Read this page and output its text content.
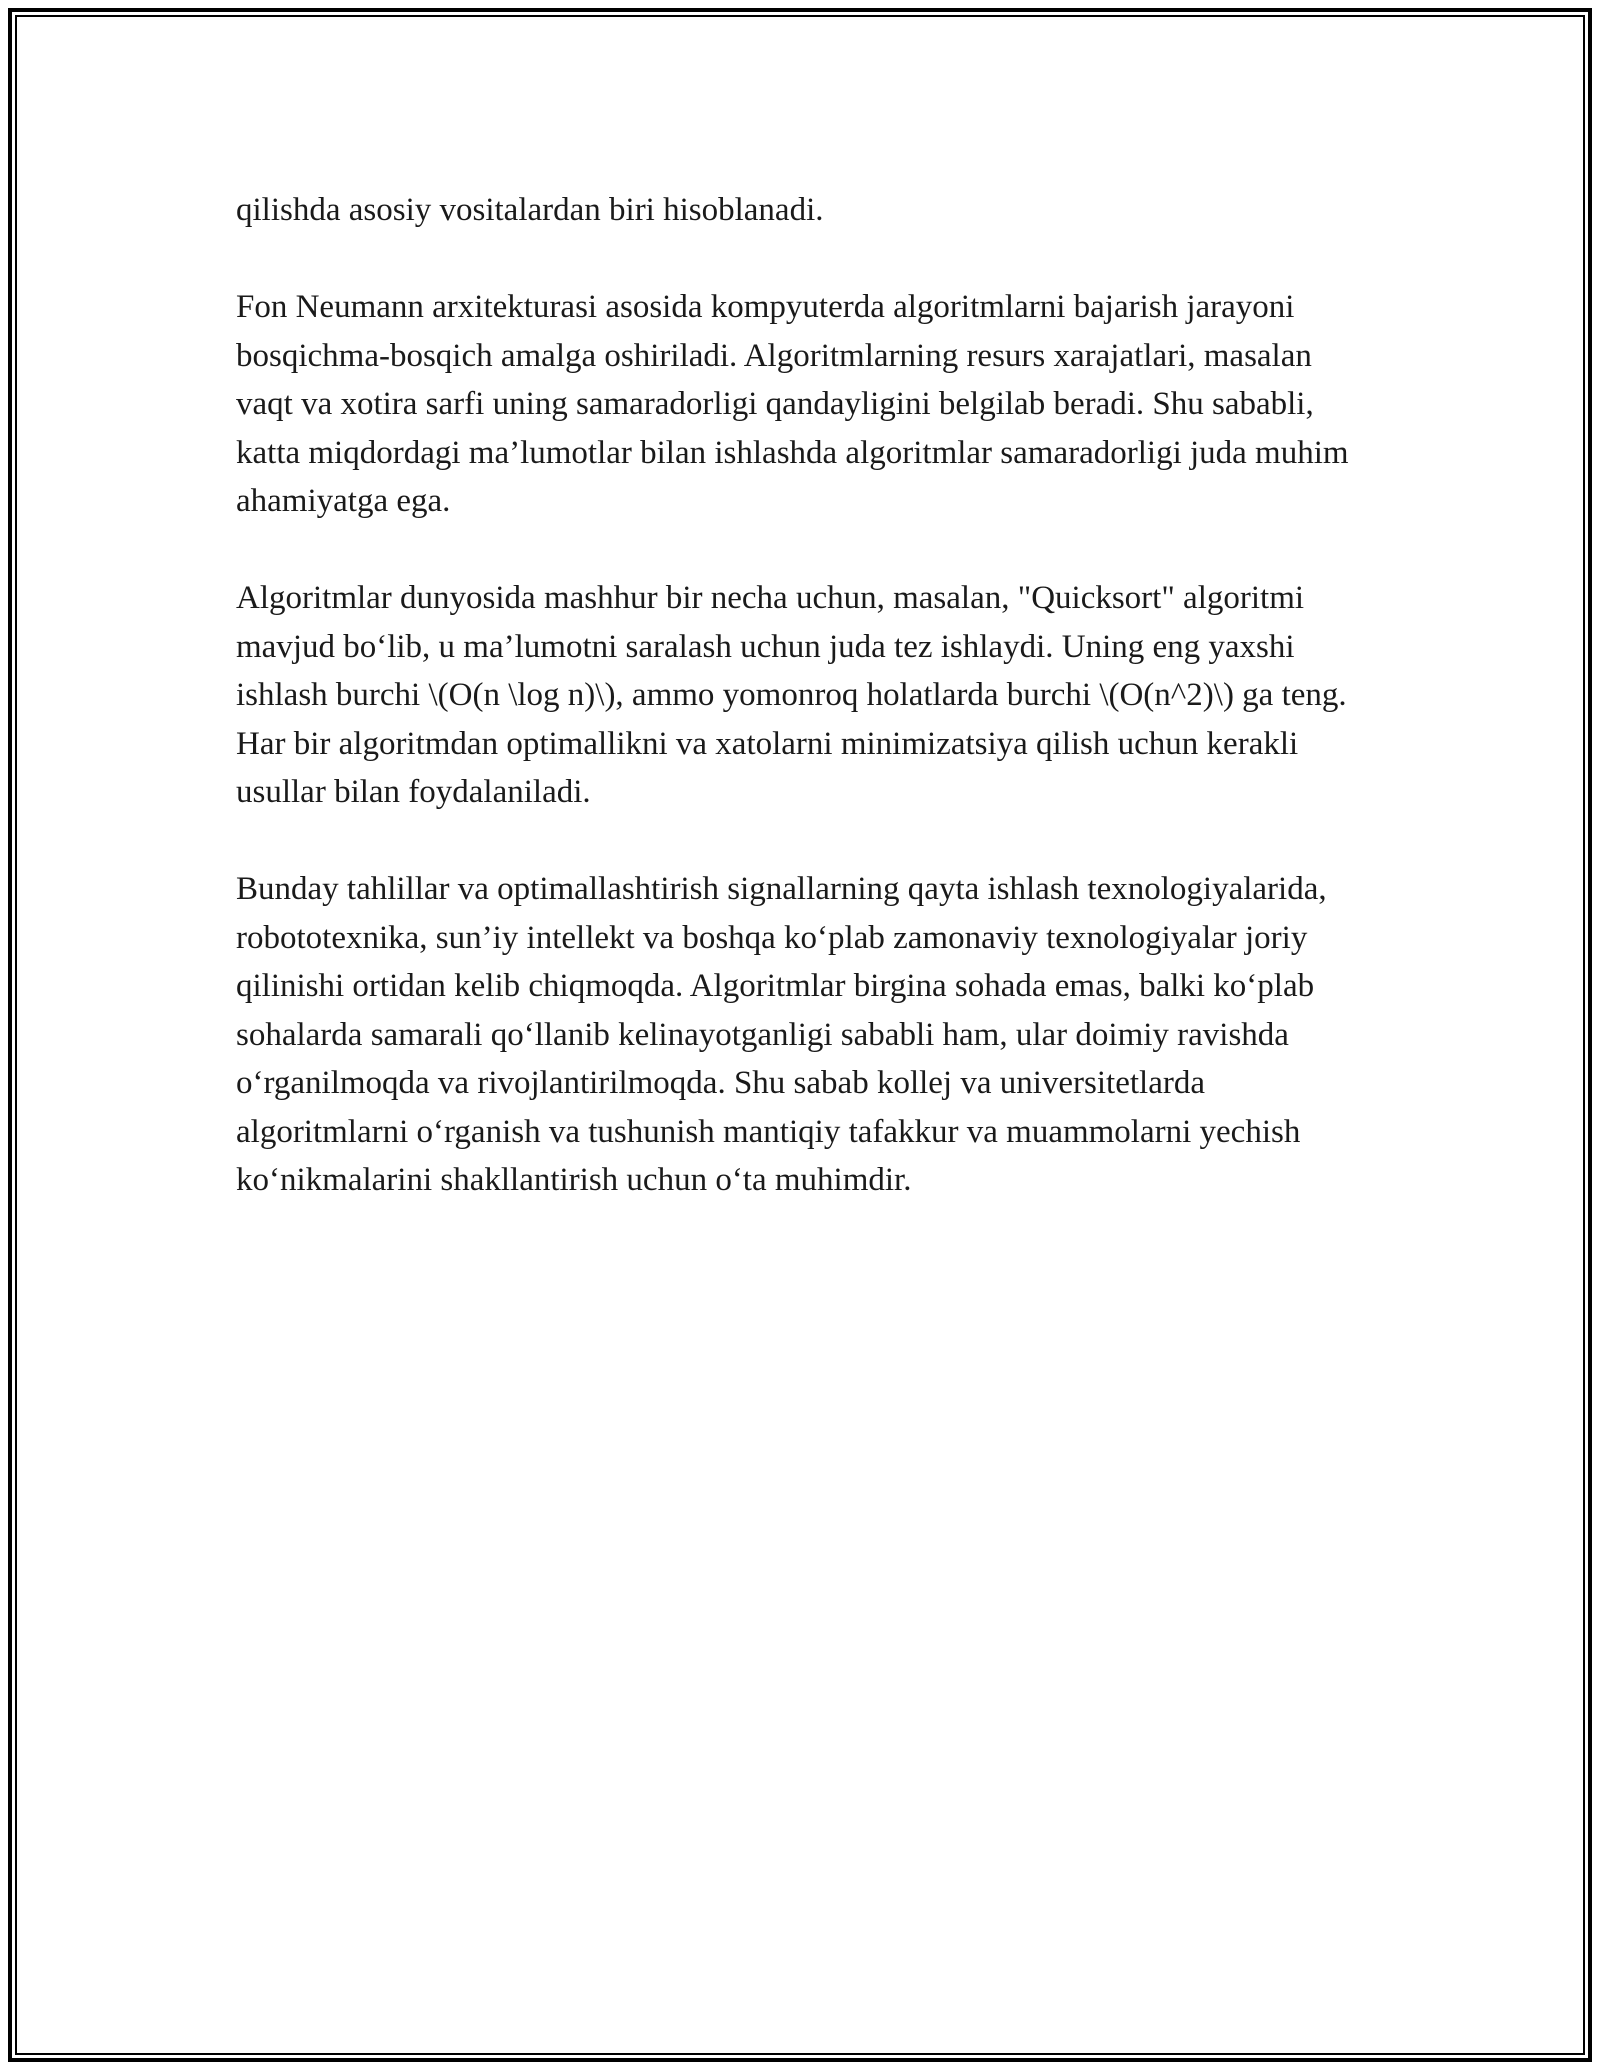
qilishda asosiy vositalardan biri hisoblanadi.

Fon Neumann arxitekturasi asosida kompyuterda algoritmlarni bajarish jarayoni bosqichma-bosqich amalga oshiriladi. Algoritmlarning resurs xarajatlari, masalan vaqt va xotira sarfi uning samaradorligi qandayligini belgilab beradi. Shu sababli, katta miqdordagi ma’lumotlar bilan ishlashda algoritmlar samaradorligi juda muhim ahamiyatga ega.

Algoritmlar dunyosida mashhur bir necha uchun, masalan, "Quicksort" algoritmi mavjud bo‘lib, u ma’lumotni saralash uchun juda tez ishlaydi. Uning eng yaxshi ishlash burchi \(O(n \log n)\), ammo yomonroq holatlarda burchi \(O(n^2)\) ga teng. Har bir algoritmdan optimallikni va xatolarni minimizatsiya qilish uchun kerakli usullar bilan foydalaniladi.

Bunday tahlillar va optimallashtirish signallarning qayta ishlash texnologiyalarida, robototexnika, sun’iy intellekt va boshqa ko‘plab zamonaviy texnologiyalar joriy qilinishi ortidan kelib chiqmoqda. Algoritmlar birgina sohada emas, balki ko‘plab sohalarda samarali qo‘llanib kelinayotganligi sababli ham, ular doimiy ravishda o‘rganilmoqda va rivojlantirilmoqda. Shu sabab kollej va universitetlarda algoritmlarni o‘rganish va tushunish mantiqiy tafakkur va muammolarni yechish ko‘nikmalarini shakllantirish uchun o‘ta muhimdir.
